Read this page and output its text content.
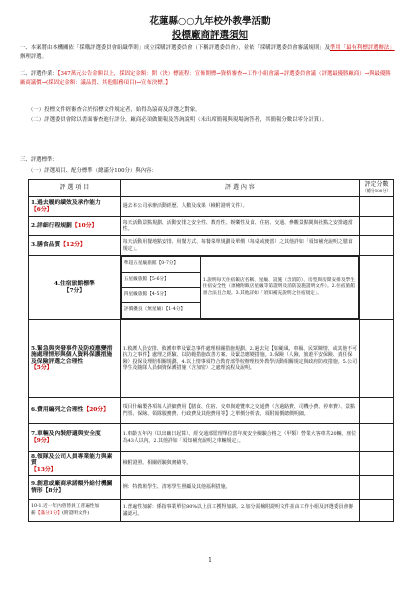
花蓮縣○○九年校外教學活動
投標廠商評選須知
一、本案將由本機關依「採購評選委員會組織準則」成立採購評選委員會（下稱評選委員會），並依「採購評選委員會審議規則」及準用「最有利標評選辦法」辦理評選。
二、評選作業：【347萬元公告金額以上，採固定金額：開（決）標流程：宣佈開標→資格審查→工作小組會議→評選委員會議（評選最優勝廠商）→與最優勝廠商議價→(採固定金額：議品質、其他服務項目)→宣布決標。】
（一）投標文件經審查合於招標文件規定者，始得為協商及評選之對象。
（二）評選委員會除以書面審查進行評分，廠商必須做簡報及答詢說明（未出席簡報與現場詢答者，其簡報分數以零分計算）。
三、評選標準：
（一）評選項目、配分標準（總滿分100分）與內容：
評 選 項 目	評 選 內 容	評定分數
（總分100分）

1.過去履約績效及承作能力
【6分】	過去本公司承辦活動經歷、人數及成果（檢附證明文件）。	
2.詳細行程規劃【10分】	每天活動景點規劃、活動安排之安全性、教育性、娛樂性及食、住宿、交通、參觀景點間與社點之安排適當性。	
3.膳食品質【12分】	每天活動用餐地點安排、用餐方式、每餐菜單規劃及單價（每桌或便當）之其他詳如「須知補充說明之膳食規定」。	
4.住宿旅館標準
【7分】	
準超五星級旅館【0-7分】	1.說明每天住宿飯店名稱、星級、設施（含消防）、房型與房間安排及學生住宿安全性（須檢附飯店星級等第證明及消防設施證明文件）。2.住宿旅館須合法且合規。3.其他詳如「須知補充說明之住宿規定」。
五星級旅館【5-6分】
四星級旅館【4-5分】
評價優良（無星級）【1-4分】

5.緊急與突發事件及防疫應變措施處理情形與個人資料保護措施及保險評選之合理性
【5分】	1.救護人員安排、救護車準及緊急事件處理相關措施規劃。2.過去兒【如颱風、車禍、民眾陳情、或其他不可抗力之事件】處理之經驗、以防範措施改善方案、及緊急應變措施。3.保險（人險、旅遊平安保險、責任保險）投保及理賠相關規劃。4.以上情事須符合教育部學校辦理校外教學活動相關規定與政府防疫措施。5.公司學生及隨隊人員個資保護措施（含加密）之處理流程及說明。	
6.費用編列之合理性【20分】	項目什編製各項每人詳細費用【膳食、住宿、交車與遊覽車之交通費（含過路費、司機小費、停車費）、景點門票、保險、領隊服務費、行政費及其他費用等】之單價分析表，須附報價總價明細。	
7.車輛及內裝舒適與安全度
【9分】	1.車齡五年內（以出廠日起算）、經交通部監理單位當年度安全檢驗合格之（甲類）營業大客車共20輛，座位為43人以內。2.其他詳如「須知補充說明之車輛規定」。	
8.領隊及公司人員專業能力與素質
【13分】	檢附證照、相關經驗與實績等。	
9.創意或廠商承諾額外給付機關情形【8分】	例：特教班學生、清寒學生照顧及其他福利措施。	
10-1.近一年內曾替員工普遍性加
薪【滿分1分】(附證明文件)	1.普遍性加薪：係指事業單位80%以上員工獲得加薪。2.加分需檢附證明文件並由工作小組及評選委員會審議認可。	
1
